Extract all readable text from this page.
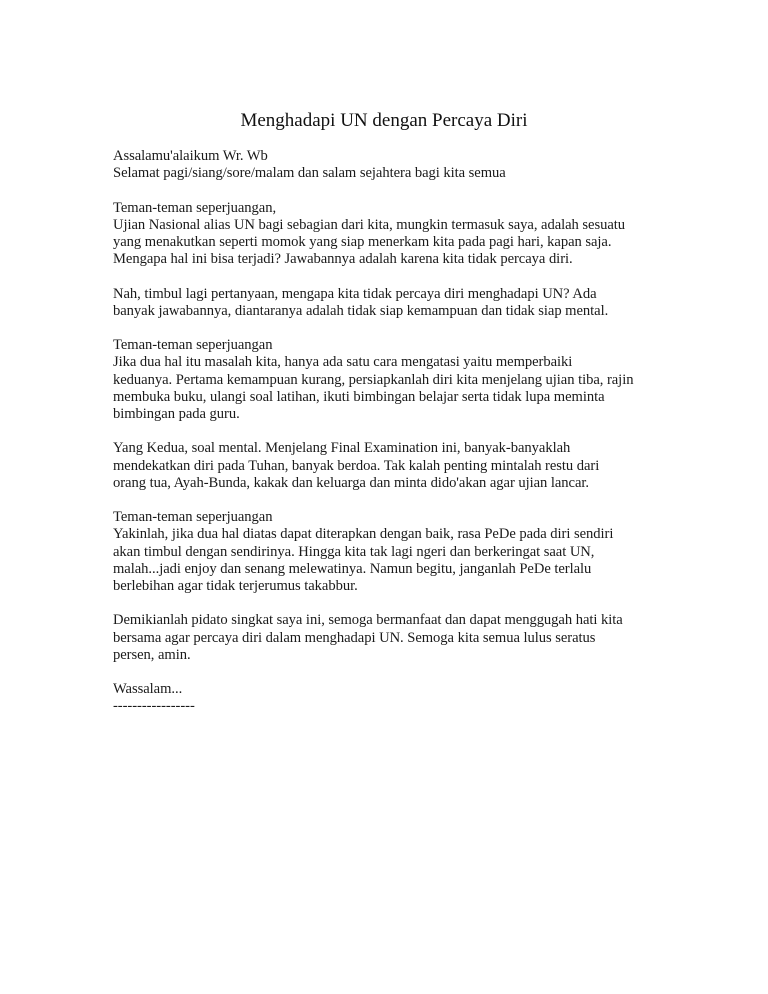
Menghadapi UN dengan Percaya Diri
Assalamu'alaikum Wr. Wb
Selamat pagi/siang/sore/malam dan salam sejahtera bagi kita semua
Teman-teman seperjuangan,
Ujian Nasional alias UN bagi sebagian dari kita, mungkin termasuk saya, adalah sesuatu
yang menakutkan seperti momok yang siap menerkam kita pada pagi hari, kapan saja.
Mengapa hal ini bisa terjadi? Jawabannya adalah karena kita tidak percaya diri.
Nah, timbul lagi pertanyaan, mengapa kita tidak percaya diri menghadapi UN? Ada
banyak jawabannya, diantaranya adalah tidak siap kemampuan dan tidak siap mental.
Teman-teman seperjuangan
Jika dua hal itu masalah kita, hanya ada satu cara mengatasi yaitu memperbaiki
keduanya. Pertama kemampuan kurang, persiapkanlah diri kita menjelang ujian tiba, rajin
membuka buku, ulangi soal latihan, ikuti bimbingan belajar serta tidak lupa meminta
bimbingan pada guru.
Yang Kedua, soal mental. Menjelang Final Examination ini, banyak-banyaklah
mendekatkan diri pada Tuhan, banyak berdoa. Tak kalah penting mintalah restu dari
orang tua, Ayah-Bunda, kakak dan keluarga dan minta dido'akan agar ujian lancar.
Teman-teman seperjuangan
Yakinlah, jika dua hal diatas dapat diterapkan dengan baik, rasa PeDe pada diri sendiri
akan timbul dengan sendirinya. Hingga kita tak lagi ngeri dan berkeringat saat UN,
malah...jadi enjoy dan senang melewatinya. Namun begitu, janganlah PeDe terlalu
berlebihan agar tidak terjerumus takabbur.
Demikianlah pidato singkat saya ini, semoga bermanfaat dan dapat menggugah hati kita
bersama agar percaya diri dalam menghadapi UN. Semoga kita semua lulus seratus
persen, amin.
Wassalam...
-----------------
